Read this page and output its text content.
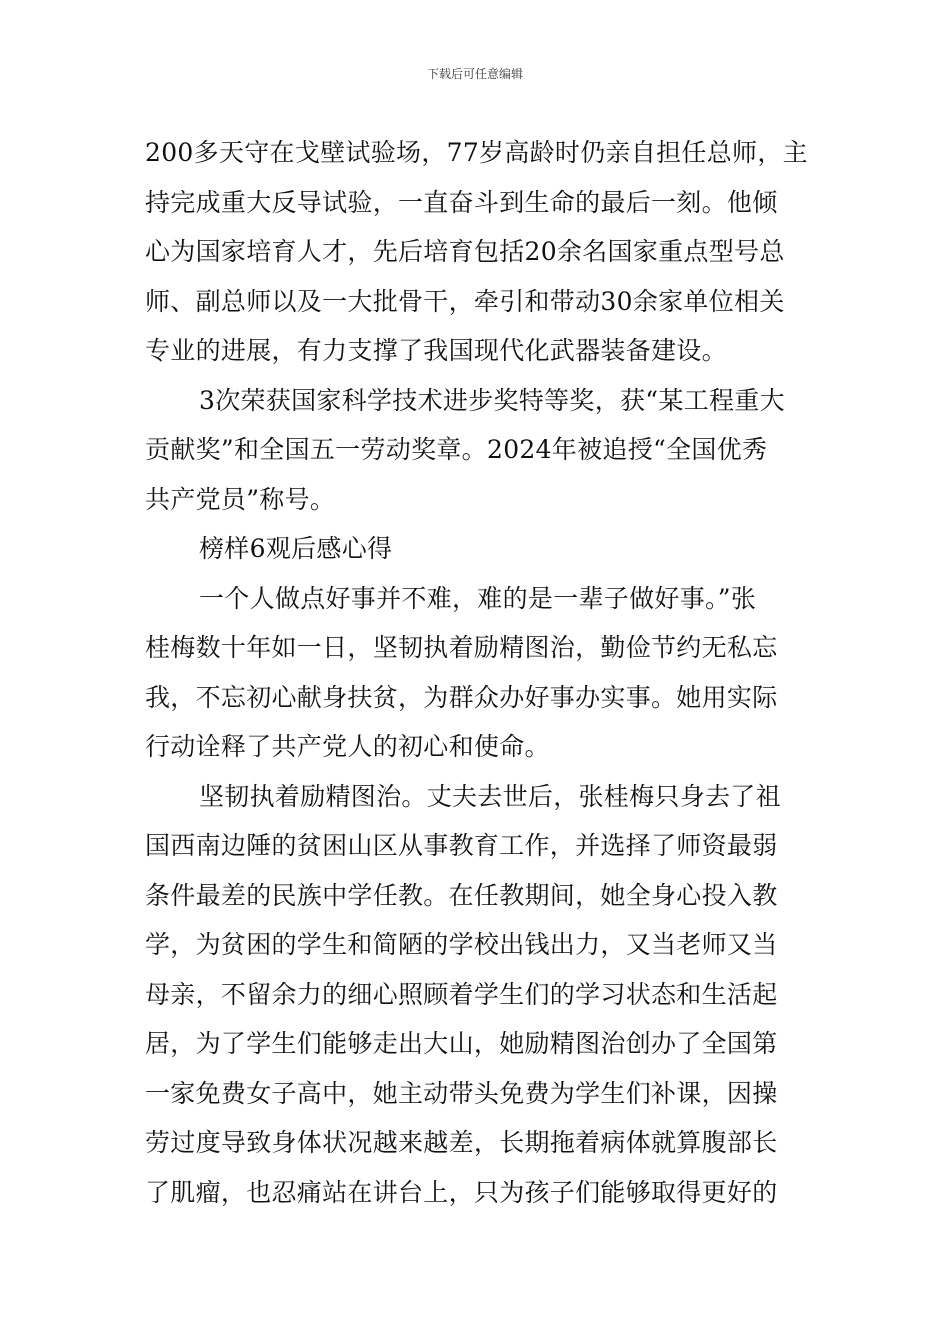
下载后可任意编辑
200多天守在戈壁试验场，77岁高龄时仍亲自担任总师，主
持完成重大反导试验，一直奋斗到生命的最后一刻。他倾
心为国家培育人才，先后培育包括20余名国家重点型号总
师、副总师以及一大批骨干，牵引和带动30余家单位相关
专业的进展，有力支撑了我国现代化武器装备建设。
3次荣获国家科学技术进步奖特等奖，获“某工程重大
贡献奖”和全国五一劳动奖章。2024年被追授“全国优秀
共产党员”称号。
榜样6观后感心得
一个人做点好事并不难，难的是一辈子做好事。”张
桂梅数十年如一日，坚韧执着励精图治，勤俭节约无私忘
我，不忘初心献身扶贫，为群众办好事办实事。她用实际
行动诠释了共产党人的初心和使命。
坚韧执着励精图治。丈夫去世后，张桂梅只身去了祖
国西南边陲的贫困山区从事教育工作，并选择了师资最弱
条件最差的民族中学任教。在任教期间，她全身心投入教
学，为贫困的学生和简陋的学校出钱出力，又当老师又当
母亲，不留余力的细心照顾着学生们的学习状态和生活起
居，为了学生们能够走出大山，她励精图治创办了全国第
一家免费女子高中，她主动带头免费为学生们补课，因操
劳过度导致身体状况越来越差，长期拖着病体就算腹部长
了肌瘤，也忍痛站在讲台上，只为孩子们能够取得更好的
